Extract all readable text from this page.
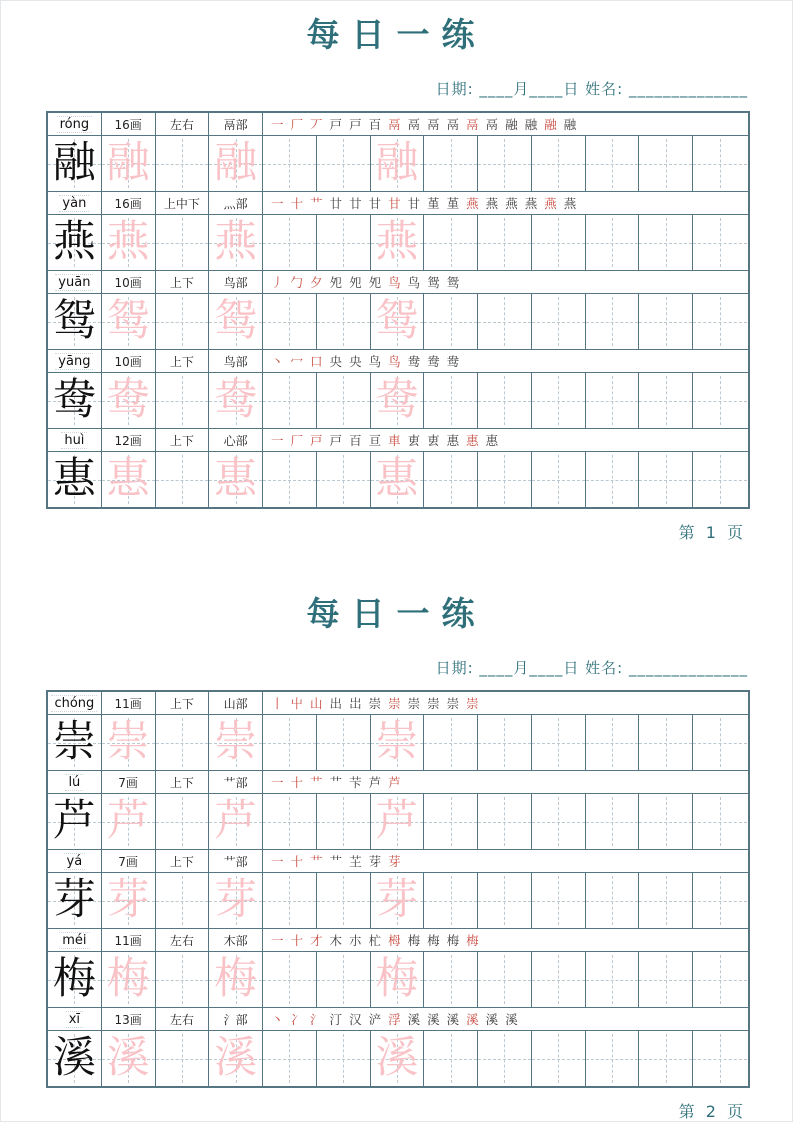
每日一练
日期: ____月____日 姓名: ______________
róng	16画	左右	鬲部	一 厂 丆 戸 戸 百 鬲 鬲 鬲 鬲 鬲 鬲 融 融 融 融
融 融 融	融
yàn	16画	上中下	灬部	一 十 艹 廿 廿 甘 甘 甘 堇 堇 燕 燕 燕 燕 燕 燕
燕 燕 燕	燕
yuān	10画	上下	鸟部	丿 勹 夕 夗 夗 夗 鸟 鸟 鸳 鸳
鸳 鸳 鸳	鸳
yāng	10画	上下	鸟部	丶 冖 口 央 央 鸟 鸟 鸯 鸯 鸯
鸯 鸯 鸯	鸯
huì	12画	上下	心部	一 厂 戸 戸 百 亘 車 叀 叀 惠 惠 惠
惠 惠 惠	惠
第 1 页
每日一练
日期: ____月____日 姓名: ______________
chóng	11画	上下	山部	丨 屮 山 出 岀 崇 崇 崇 崇 崇 崇
崇 崇 崇	崇
lú	7画	上下	艹部	一 十 艹 艹 芐 芦 芦
芦 芦 芦	芦
yá	7画	上下	艹部	一 十 艹 艹 芏 芽 芽
芽 芽 芽	芽
méi	11画	左右	木部	一 十 才 木 朩 杧 栂 梅 梅 梅 梅
梅 梅 梅	梅
xī	13画	左右	氵部	丶 冫 氵 汀 汉 浐 浮 溪 溪 溪 溪 溪 溪
溪 溪 溪	溪
第 2 页
